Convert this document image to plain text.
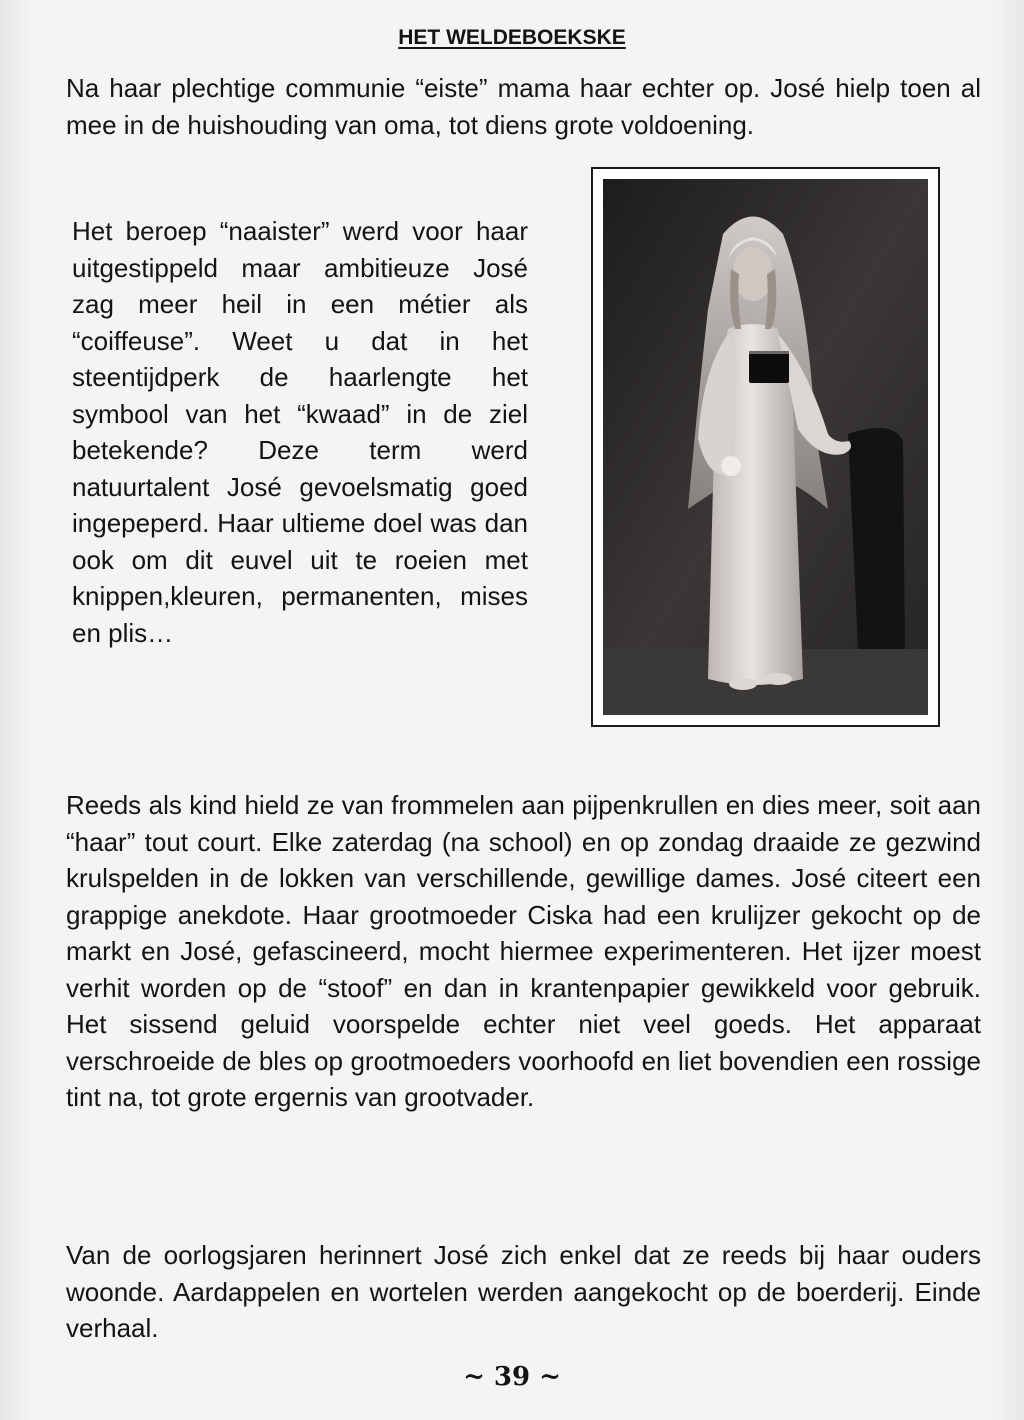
HET WELDEBOEKSKE
Na haar plechtige communie “eiste” mama haar echter op. José hielp toen al mee in de huishouding van oma, tot diens grote voldoening.
Het beroep “naaister” werd voor haar uitgestippeld maar ambitieuze José zag meer heil in een métier als “coiffeuse”. Weet u dat in het steentijdperk de haarlengte het symbool van het “kwaad” in de ziel betekende? Deze term werd natuurtalent José gevoelsmatig goed ingepeperd. Haar ultieme doel was dan ook om dit euvel uit te roeien met knippen,kleuren, permanenten, mises en plis…
Reeds als kind hield ze van frommelen aan pijpenkrullen en dies meer, soit aan “haar” tout court. Elke zaterdag (na school) en op zondag draaide ze gezwind krulspelden in de lokken van verschillende, gewillige dames. José citeert een grappige anekdote. Haar grootmoeder Ciska had een krulijzer gekocht op de markt en José, gefascineerd, mocht hiermee experimenteren. Het ijzer moest verhit worden op de “stoof” en dan in krantenpapier gewikkeld voor gebruik. Het sissend geluid voorspelde echter niet veel goeds. Het apparaat verschroeide de bles op grootmoeders voorhoofd en liet bovendien een rossige tint na, tot grote ergernis van grootvader.
Van de oorlogsjaren herinnert José zich enkel dat ze reeds bij haar ouders woonde. Aardappelen en wortelen werden aangekocht op de boerderij. Einde verhaal.
~ 39 ~
